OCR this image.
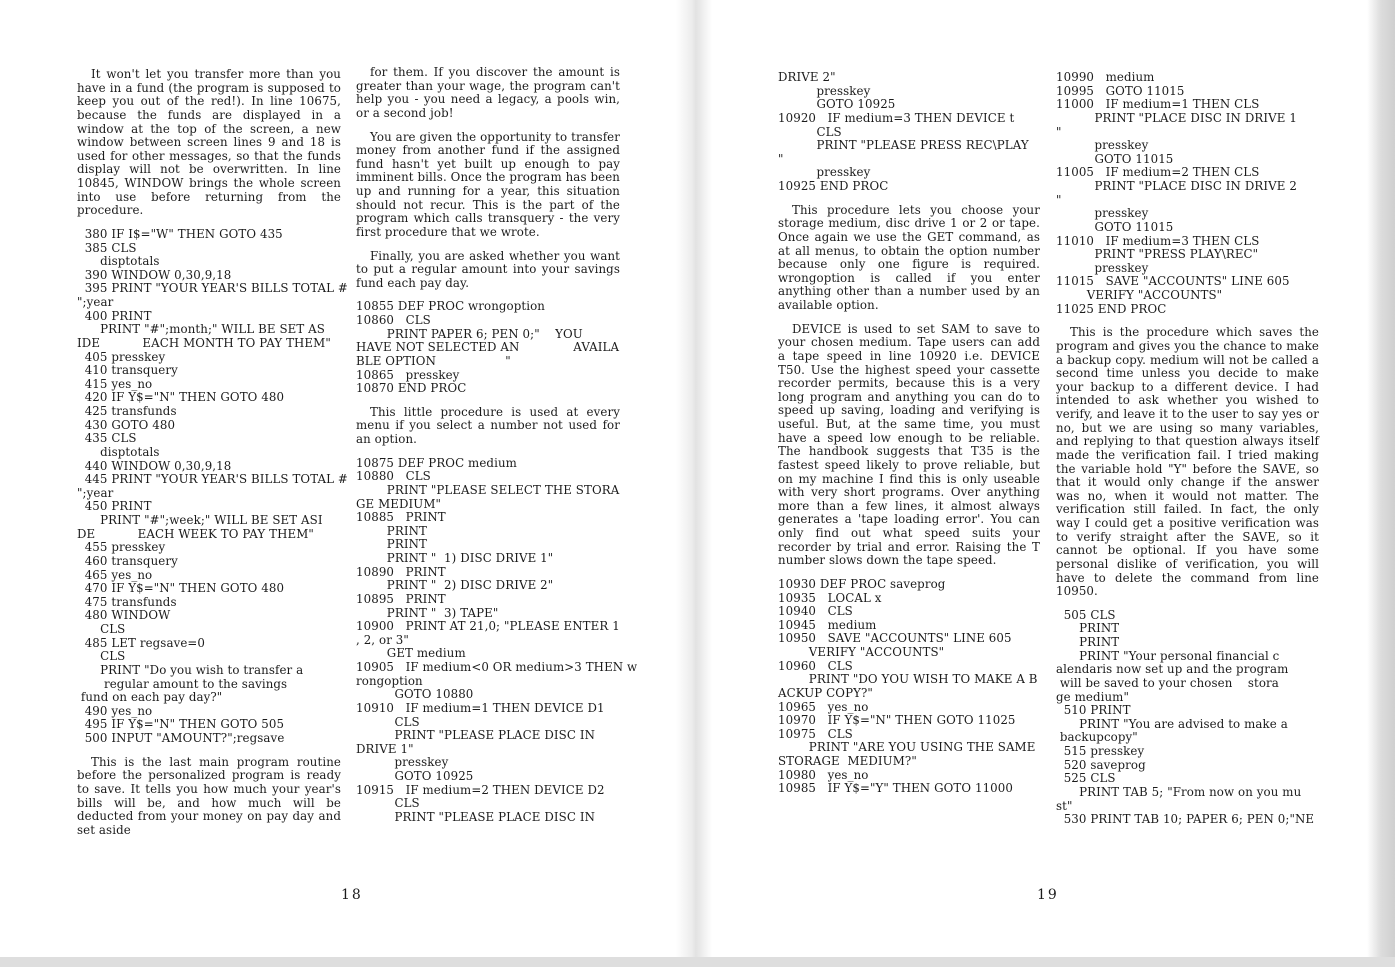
It won't let you transfer more than you have in a fund (the program is supposed to keep you out of the red!). In line 10675, because the funds are displayed in a window at the top of the screen, a new window between screen lines 9 and 18 is used for other messages, so that the funds display will not be overwritten. In line 10845, WINDOW brings the whole screen into use before returning from the procedure.
380 IF I$="W" THEN GOTO 435
385 CLS
disptotals
390 WINDOW 0,30,9,18
395 PRINT "YOUR YEAR'S BILLS TOTAL #
";year
400 PRINT
PRINT "#";month;" WILL BE SET AS
IDE           EACH MONTH TO PAY THEM"
405 presskey
410 transquery
415 yes_no
420 IF Y$="N" THEN GOTO 480
425 transfunds
430 GOTO 480
435 CLS
disptotals
440 WINDOW 0,30,9,18
445 PRINT "YOUR YEAR'S BILLS TOTAL #
";year
450 PRINT
PRINT "#";week;" WILL BE SET ASI
DE           EACH WEEK TO PAY THEM"
455 presskey
460 transquery
465 yes_no
470 IF Y$="N" THEN GOTO 480
475 transfunds
480 WINDOW
CLS
485 LET regsave=0
CLS
PRINT "Do you wish to transfer a
regular amount to the savings
fund on each pay day?"
490 yes_no
495 IF Y$="N" THEN GOTO 505
500 INPUT "AMOUNT?";regsave
This is the last main program routine before the personalized program is ready to save. It tells you how much your year's bills will be, and how much will be deducted from your money on pay day and set aside
for them. If you discover the amount is greater than your wage, the program can't help you - you need a legacy, a pools win, or a second job!
You are given the opportunity to transfer money from another fund if the assigned fund hasn't yet built up enough to pay imminent bills. Once the program has been up and running for a year, this situation should not recur. This is the part of the program which calls transquery - the very first procedure that we wrote.
Finally, you are asked whether you want to put a regular amount into your savings fund each pay day.
10855 DEF PROC wrongoption
10860   CLS
PRINT PAPER 6; PEN 0;"    YOU
HAVE NOT SELECTED AN              AVAILA
BLE OPTION                  "
10865   presskey
10870 END PROC
This little procedure is used at every menu if you select a number not used for an option.
10875 DEF PROC medium
10880   CLS
PRINT "PLEASE SELECT THE STORA
GE MEDIUM"
10885   PRINT
PRINT
PRINT
PRINT "  1) DISC DRIVE 1"
10890   PRINT
PRINT "  2) DISC DRIVE 2"
10895   PRINT
PRINT "  3) TAPE"
10900   PRINT AT 21,0; "PLEASE ENTER 1
, 2, or 3"
GET medium
10905   IF medium<0 OR medium>3 THEN w
rongoption
GOTO 10880
10910   IF medium=1 THEN DEVICE D1
CLS
PRINT "PLEASE PLACE DISC IN
DRIVE 1"
presskey
GOTO 10925
10915   IF medium=2 THEN DEVICE D2
CLS
PRINT "PLEASE PLACE DISC IN
18
DRIVE 2"
presskey
GOTO 10925
10920   IF medium=3 THEN DEVICE t
CLS
PRINT "PLEASE PRESS REC\PLAY
"
presskey
10925 END PROC
This procedure lets you choose your storage medium, disc drive 1 or 2 or tape. Once again we use the GET command, as at all menus, to obtain the option number because only one figure is required. wrongoption is called if you enter anything other than a number used by an available option.
DEVICE is used to set SAM to save to your chosen medium. Tape users can add a tape speed in line 10920 i.e. DEVICE T50. Use the highest speed your cassette recorder permits, because this is a very long program and anything you can do to speed up saving, loading and verifying is useful. But, at the same time, you must have a speed low enough to be reliable. The handbook suggests that T35 is the fastest speed likely to prove reliable, but on my machine I find this is only useable with very short programs. Over anything more than a few lines, it almost always generates a 'tape loading error'. You can only find out what speed suits your recorder by trial and error. Raising the T number slows down the tape speed.
10930 DEF PROC saveprog
10935   LOCAL x
10940   CLS
10945   medium
10950   SAVE "ACCOUNTS" LINE 605
VERIFY "ACCOUNTS"
10960   CLS
PRINT "DO YOU WISH TO MAKE A B
ACKUP COPY?"
10965   yes_no
10970   IF Y$="N" THEN GOTO 11025
10975   CLS
PRINT "ARE YOU USING THE SAME
STORAGE  MEDIUM?"
10980   yes_no
10985   IF Y$="Y" THEN GOTO 11000
10990   medium
10995   GOTO 11015
11000   IF medium=1 THEN CLS
PRINT "PLACE DISC IN DRIVE 1
"
presskey
GOTO 11015
11005   IF medium=2 THEN CLS
PRINT "PLACE DISC IN DRIVE 2
"
presskey
GOTO 11015
11010   IF medium=3 THEN CLS
PRINT "PRESS PLAY\REC"
presskey
11015   SAVE "ACCOUNTS" LINE 605
VERIFY "ACCOUNTS"
11025 END PROC
This is the procedure which saves the program and gives you the chance to make a backup copy. medium will not be called a second time unless you decide to make your backup to a different device. I had intended to ask whether you wished to verify, and leave it to the user to say yes or no, but we are using so many variables, and replying to that question always itself made the verification fail. I tried making the variable hold "Y" before the SAVE, so that it would only change if the answer was no, when it would not matter. The verification still failed. In fact, the only way I could get a positive verification was to verify straight after the SAVE, so it cannot be optional. If you have some personal dislike of verification, you will have to delete the command from line 10950.
505 CLS
PRINT
PRINT
PRINT "Your personal financial c
alendaris now set up and the program
will be saved to your chosen    stora
ge medium"
510 PRINT
PRINT "You are advised to make a
backupcopy"
515 presskey
520 saveprog
525 CLS
PRINT TAB 5; "From now on you mu
st"
530 PRINT TAB 10; PAPER 6; PEN 0;"NE
19
